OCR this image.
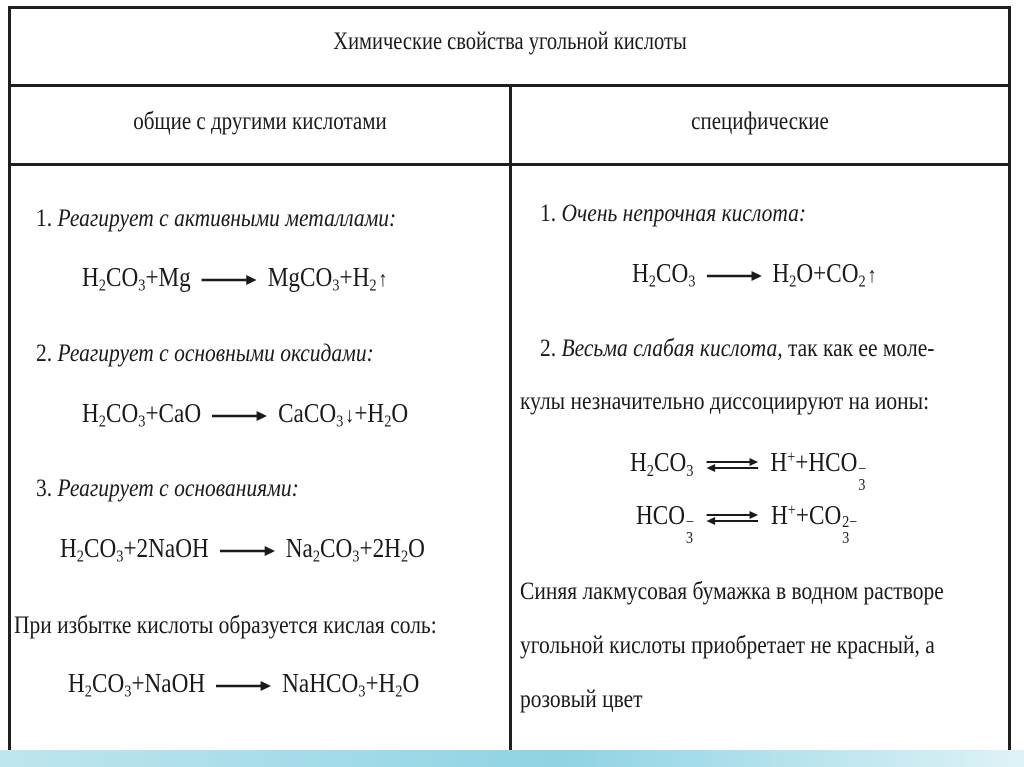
Химические свойства угольной кислоты
общие с другими кислотами	специфические
1. Реагирует с активными металлами:
$H_2CO_3+Mg$ → $MgCO_3+H_2↑$
2. Реагирует с основными оксидами:
$H_2CO_3+CaO$ → $CaCO_3↓+H_2O$
3. Реагирует с основаниями:
$H_2CO_3+2NaOH \to Na_2CO_3+2H_2O$
При избытке кислоты образуется кислая соль:
$H_2CO_3+NaOH$ → $NaHCO_3+H_2O$
1. Очень непрочная кислота:
$H_2CO_3$ → $H_2O+CO_2↑$
2. Весьма слабая кислота, так как ее моле-
кулы незначительно диссоциируют на ионы:
$H_2CO_3$ ⇌ H++HCO −
3
HCO −
3
⇌ H++CO 2−
3
Синяя лакмусовая бумажка в водном растворе
угольной кислоты приобретает не красный, а
розовый цвет
